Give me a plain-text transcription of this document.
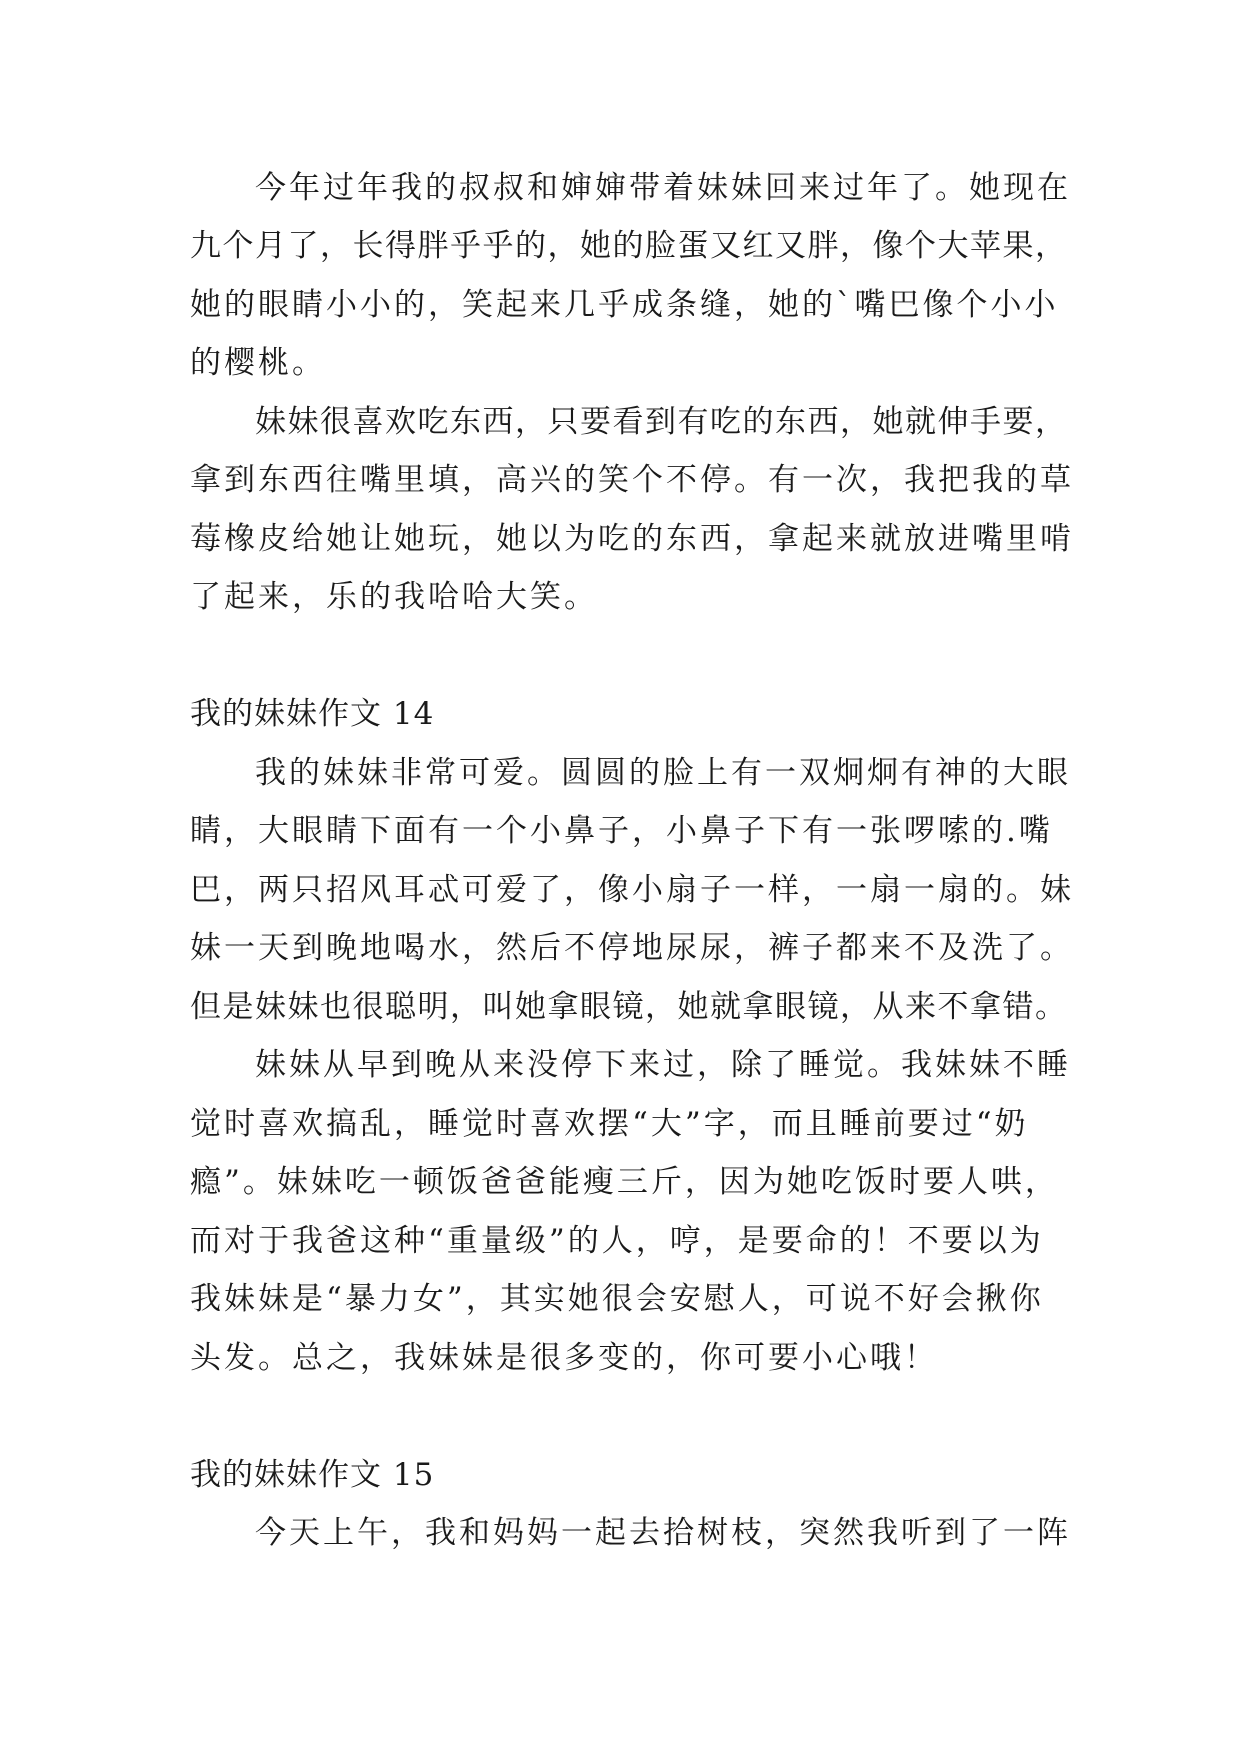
今年过年我的叔叔和婶婶带着妹妹回来过年了。她现在
九个月了，长得胖乎乎的，她的脸蛋又红又胖，像个大苹果，
她的眼睛小小的，笑起来几乎成条缝，她的`嘴巴像个小小
的樱桃。
妹妹很喜欢吃东西，只要看到有吃的东西，她就伸手要，
拿到东西往嘴里填，高兴的笑个不停。有一次，我把我的草
莓橡皮给她让她玩，她以为吃的东西，拿起来就放进嘴里啃
了起来，乐的我哈哈大笑。
我的妹妹作文 14
我的妹妹非常可爱。圆圆的脸上有一双炯炯有神的大眼
睛，大眼睛下面有一个小鼻子，小鼻子下有一张啰嗦的.嘴
巴，两只招风耳忒可爱了，像小扇子一样，一扇一扇的。妹
妹一天到晚地喝水，然后不停地尿尿，裤子都来不及洗了。
但是妹妹也很聪明，叫她拿眼镜，她就拿眼镜，从来不拿错。
妹妹从早到晚从来没停下来过，除了睡觉。我妹妹不睡
觉时喜欢搞乱，睡觉时喜欢摆“大”字，而且睡前要过“奶
瘾”。妹妹吃一顿饭爸爸能瘦三斤，因为她吃饭时要人哄，
而对于我爸这种“重量级”的人，哼，是要命的！不要以为
我妹妹是“暴力女”，其实她很会安慰人，可说不好会揪你
头发。总之，我妹妹是很多变的，你可要小心哦！
我的妹妹作文 15
今天上午，我和妈妈一起去拾树枝，突然我听到了一阵
